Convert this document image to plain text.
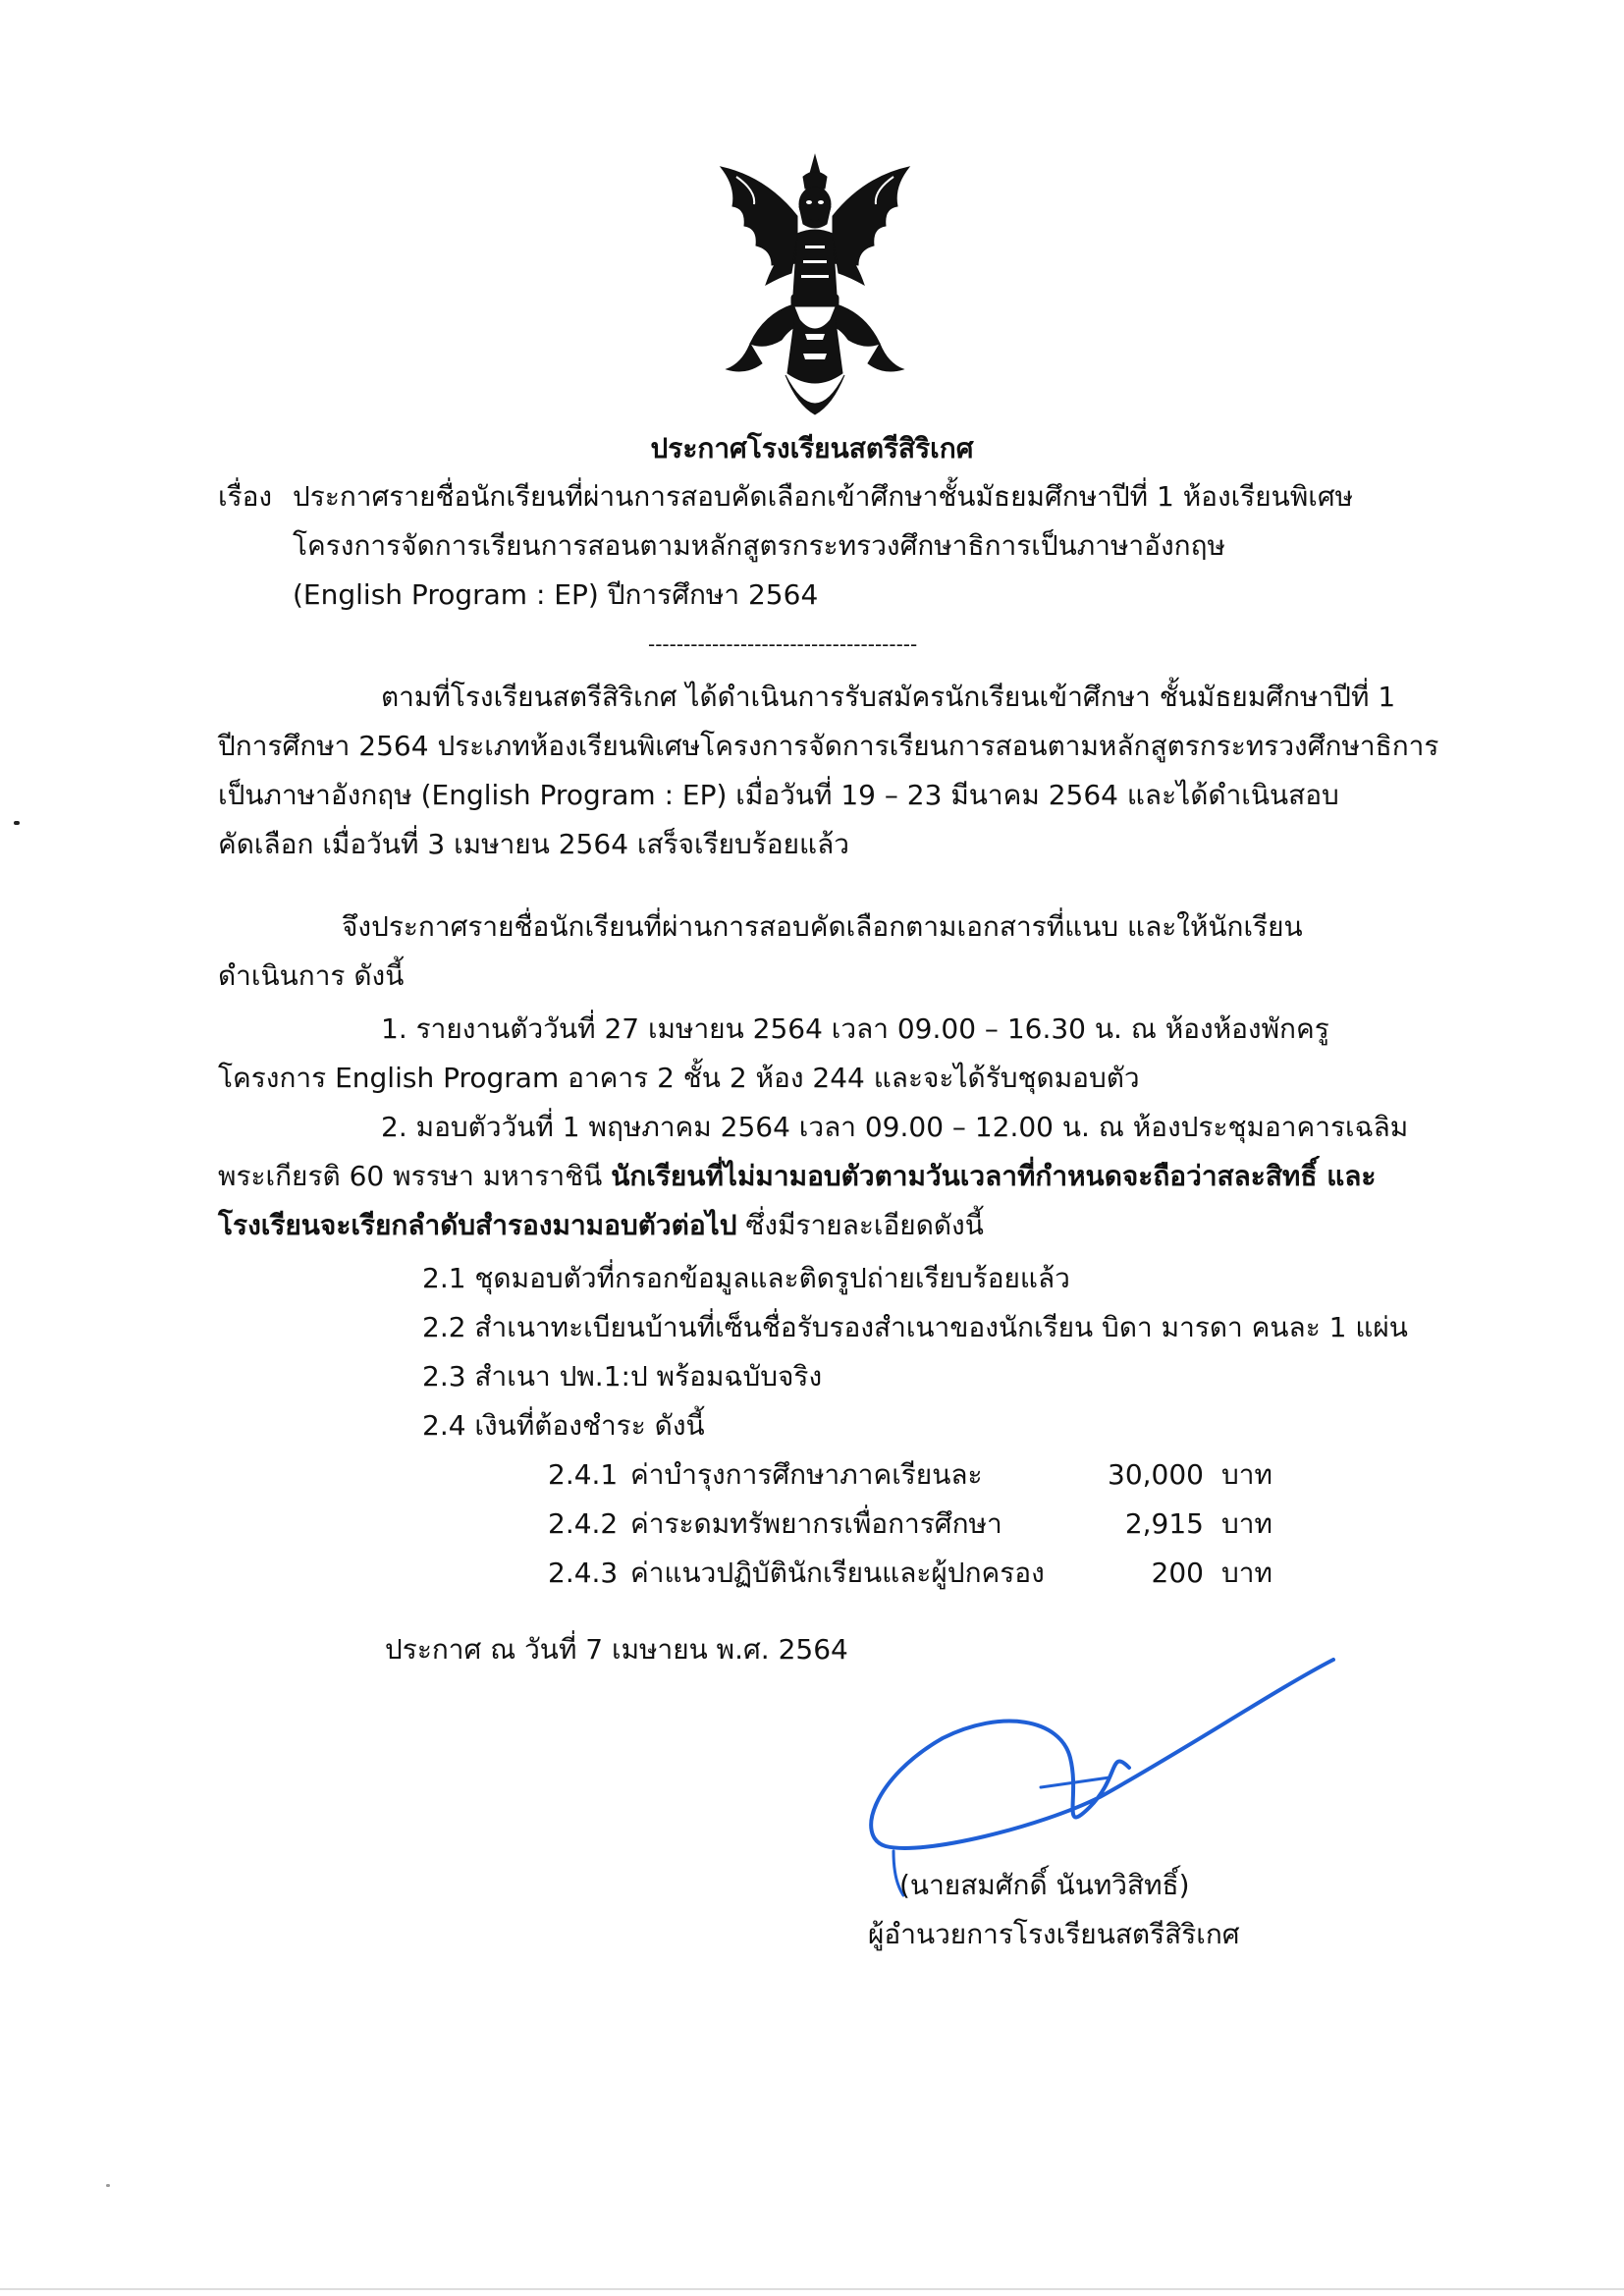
ประกาศโรงเรียนสตรีสิริเกศ
เรื่อง ประกาศรายชื่อนักเรียนที่ผ่านการสอบคัดเลือกเข้าศึกษาชั้นมัธยมศึกษาปีที่ 1 ห้องเรียนพิเศษ
โครงการจัดการเรียนการสอนตามหลักสูตรกระทรวงศึกษาธิการเป็นภาษาอังกฤษ
(English Program : EP) ปีการศึกษา 2564
--------------------------------------
ตามที่โรงเรียนสตรีสิริเกศ ได้ดำเนินการรับสมัครนักเรียนเข้าศึกษา ชั้นมัธยมศึกษาปีที่ 1
ปีการศึกษา 2564 ประเภทห้องเรียนพิเศษโครงการจัดการเรียนการสอนตามหลักสูตรกระทรวงศึกษาธิการ
เป็นภาษาอังกฤษ (English Program : EP) เมื่อวันที่ 19 – 23 มีนาคม 2564 และได้ดำเนินสอบ
คัดเลือก เมื่อวันที่ 3 เมษายน 2564 เสร็จเรียบร้อยแล้ว
จึงประกาศรายชื่อนักเรียนที่ผ่านการสอบคัดเลือกตามเอกสารที่แนบ และให้นักเรียน
ดำเนินการ ดังนี้
1. รายงานตัววันที่ 27 เมษายน 2564 เวลา 09.00 – 16.30 น. ณ ห้องห้องพักครู
โครงการ English Program อาคาร 2 ชั้น 2 ห้อง 244 และจะได้รับชุดมอบตัว
2. มอบตัววันที่ 1 พฤษภาคม 2564 เวลา 09.00 – 12.00 น. ณ ห้องประชุมอาคารเฉลิม
พระเกียรติ 60 พรรษา มหาราชินี นักเรียนที่ไม่มามอบตัวตามวันเวลาที่กำหนดจะถือว่าสละสิทธิ์ และ
โรงเรียนจะเรียกลำดับสำรองมามอบตัวต่อไป ซึ่งมีรายละเอียดดังนี้
2.1 ชุดมอบตัวที่กรอกข้อมูลและติดรูปถ่ายเรียบร้อยแล้ว
2.2 สำเนาทะเบียนบ้านที่เซ็นชื่อรับรองสำเนาของนักเรียน บิดา มารดา คนละ 1 แผ่น
2.3 สำเนา ปพ.1:ป พร้อมฉบับจริง
2.4 เงินที่ต้องชำระ ดังนี้
2.4.1 ค่าบำรุงการศึกษาภาคเรียนละ	30,000 บาท
2.4.2 ค่าระดมทรัพยากรเพื่อการศึกษา	2,915 บาท
2.4.3 ค่าแนวปฏิบัตินักเรียนและผู้ปกครอง	200 บาท
ประกาศ ณ วันที่ 7 เมษายน พ.ศ. 2564
(นายสมศักดิ์ นันทวิสิทธิ์)
ผู้อำนวยการโรงเรียนสตรีสิริเกศ
